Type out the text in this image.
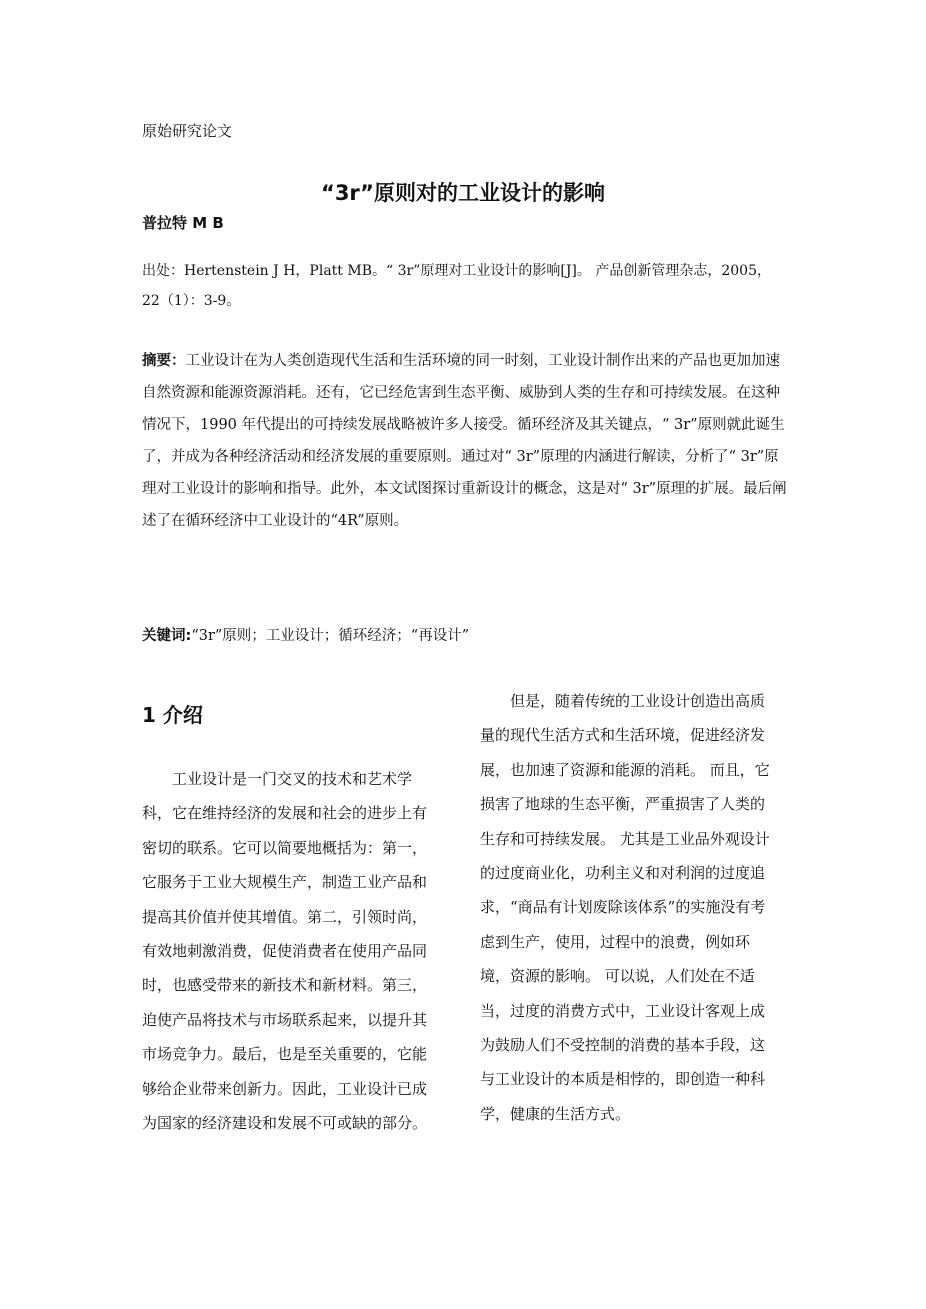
原始研究论文
“3r”原则对的工业设计的影响
普拉特 M B
出处：Hertenstein J H，Platt MB。“ 3r”原理对工业设计的影响[J]。 产品创新管理杂志，2005，22（1）：3-9。
摘要：工业设计在为人类创造现代生活和生活环境的同一时刻，工业设计制作出来的产品也更加加速自然资源和能源资源消耗。还有，它已经危害到生态平衡、威胁到人类的生存和可持续发展。在这种情况下，1990 年代提出的可持续发展战略被许多人接受。循环经济及其关键点，“ 3r”原则就此诞生了，并成为各种经济活动和经济发展的重要原则。通过对“ 3r”原理的内涵进行解读，分析了“ 3r”原理对工业设计的影响和指导。此外，本文试图探讨重新设计的概念，这是对“ 3r”原理的扩展。最后阐述了在循环经济中工业设计的“4R”原则。
关键词:“3r”原则；工业设计；循环经济；“再设计”
1 介绍

　　工业设计是一门交叉的技术和艺术学科，它在维持经济的发展和社会的进步上有密切的联系。它可以简要地概括为：第一，它服务于工业大规模生产，制造工业产品和提高其价值并使其增值。第二，引领时尚，有效地刺激消费，促使消费者在使用产品同时，也感受带来的新技术和新材料。第三，迫使产品将技术与市场联系起来，以提升其市场竞争力。最后，也是至关重要的，它能够给企业带来创新力。因此，工业设计已成为国家的经济建设和发展不可或缺的部分。

　　但是，随着传统的工业设计创造出高质量的现代生活方式和生活环境，促进经济发展，也加速了资源和能源的消耗。 而且，它损害了地球的生态平衡，严重损害了人类的生存和可持续发展。 尤其是工业品外观设计的过度商业化，功利主义和对利润的过度追求，“商品有计划废除该体系”的实施没有考虑到生产，使用，过程中的浪费，例如环境，资源的影响。 可以说，人们处在不适当，过度的消费方式中，工业设计客观上成为鼓励人们不受控制的消费的基本手段，这与工业设计的本质是相悖的，即创造一种科学，健康的生活方式。
